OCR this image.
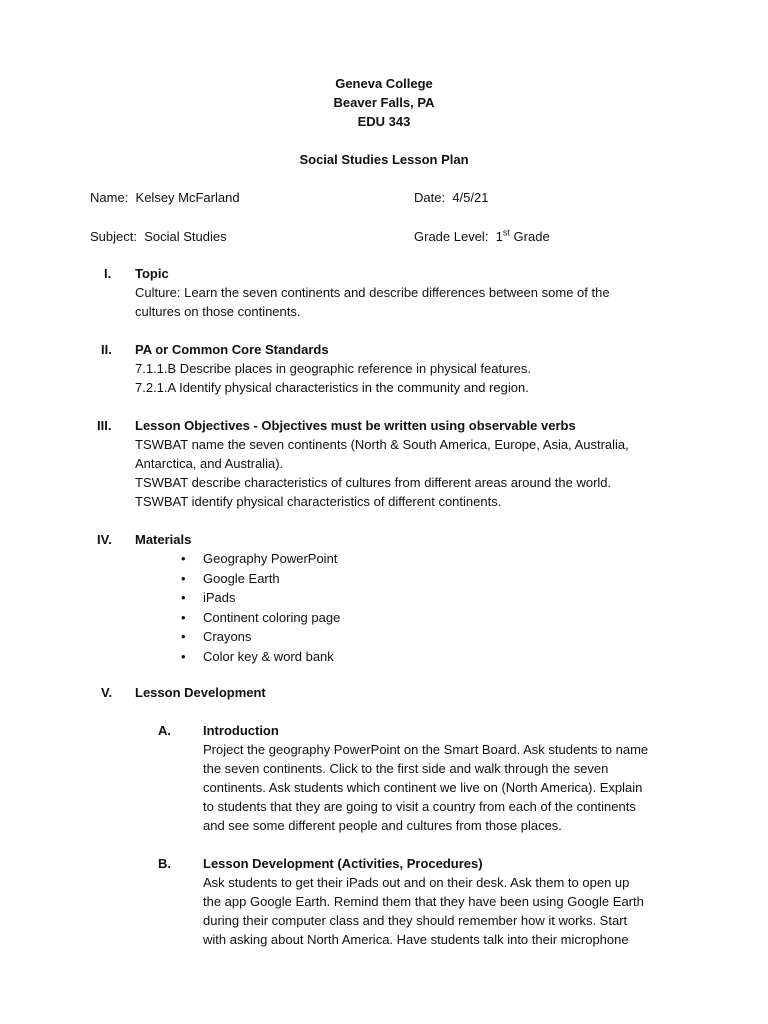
Geneva College
Beaver Falls, PA
EDU 343
Social Studies Lesson Plan
Name: Kelsey McFarland	Date: 4/5/21
Subject: Social Studies	Grade Level: 1st Grade
I.	Topic
Culture: Learn the seven continents and describe differences between some of the
cultures on those continents.
II.	PA or Common Core Standards
7.1.1.B Describe places in geographic reference in physical features.
7.2.1.A Identify physical characteristics in the community and region.
III.	Lesson Objectives - Objectives must be written using observable verbs
TSWBAT name the seven continents (North & South America, Europe, Asia, Australia,
Antarctica, and Australia).
TSWBAT describe characteristics of cultures from different areas around the world.
TSWBAT identify physical characteristics of different continents.
IV.	Materials
• Geography PowerPoint
• Google Earth
• iPads
• Continent coloring page
• Crayons
• Color key & word bank
V.	Lesson Development
A. Introduction
Project the geography PowerPoint on the Smart Board. Ask students to name
the seven continents. Click to the first side and walk through the seven
continents. Ask students which continent we live on (North America). Explain
to students that they are going to visit a country from each of the continents
and see some different people and cultures from those places.
B. Lesson Development (Activities, Procedures)
Ask students to get their iPads out and on their desk. Ask them to open up
the app Google Earth. Remind them that they have been using Google Earth
during their computer class and they should remember how it works. Start
with asking about North America. Have students talk into their microphone
